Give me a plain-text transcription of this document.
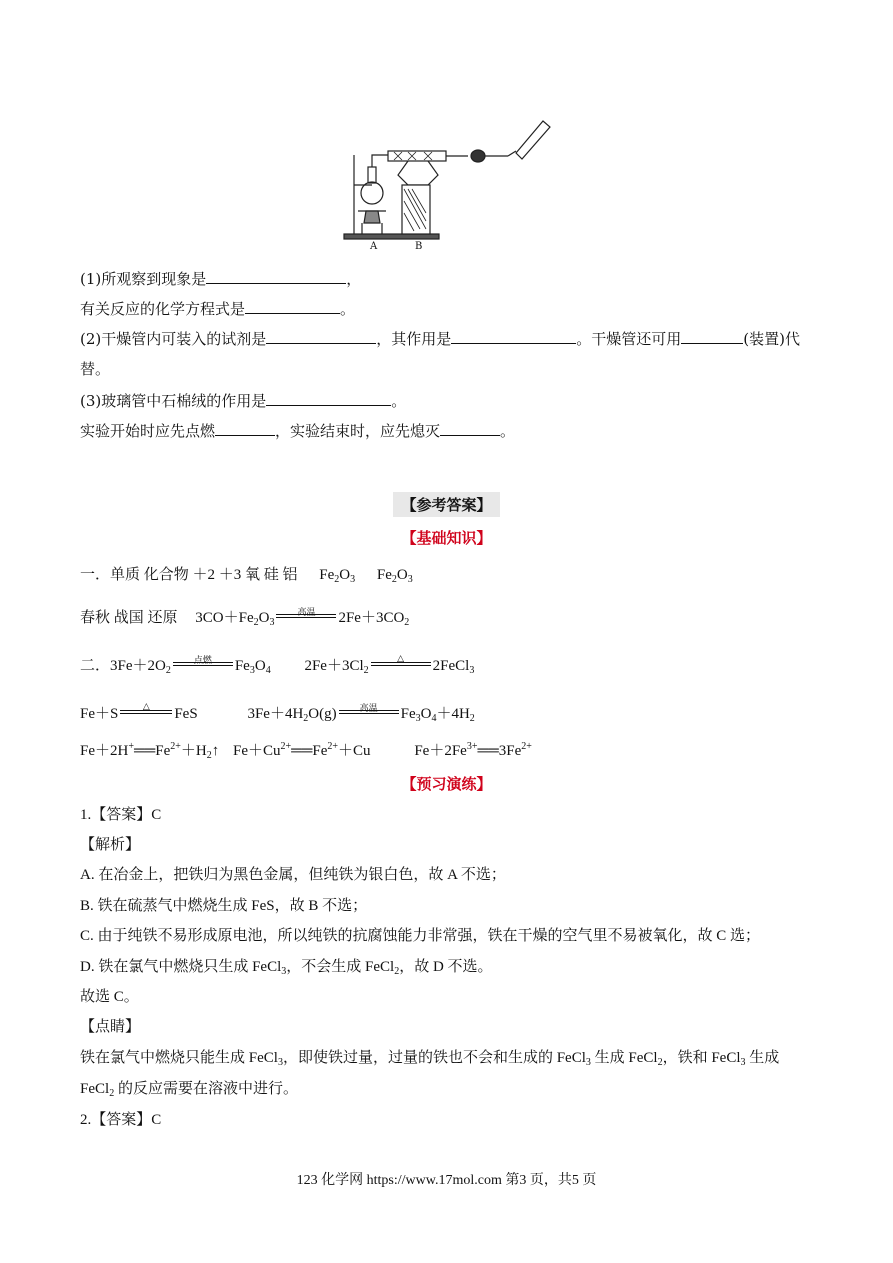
A	B
(1)所观察到现象是	，
有关反应的化学方程式是	。
(2)干燥管内可装入的试剂是	，其作用是	。干燥管还可用	(装置)代
替。
(3)玻璃管中石棉绒的作用是	。
实验开始时应先点燃	，实验结束时，应先熄灭	。
【参考答案】
【基础知识】
一．单质 化合物 ＋2 ＋3 氧 硅 铝 $Fe_2O_3$ $Fe_2O_3$
春秋 战国 还原 $3CO+Fe_2O_3$
高温	$2Fe+3CO_2$
二．$3Fe+2O_2$
点燃	$Fe_3O_4$ $2Fe+3Cl_2$
△	2FeCl$_3$
Fe＋S	△	FeS	$3Fe+4H_2O(g)$	高温	$Fe_3O_4+4H_2$
$Fe+2H^+══Fe^{2+}+H_2↑$ $Fe+Cu^{2+}══Fe^{2+}+Cu$	$Fe+2Fe^{3+}══3Fe^{2+}$
【预习演练】
1.【答案】C
【解析】
A. 在冶金上，把铁归为黑色金属，但纯铁为银白色，故 A 不选；
B. 铁在硫蒸气中燃烧生成 FeS，故 B 不选；
C. 由于纯铁不易形成原电池，所以纯铁的抗腐蚀能力非常强，铁在干燥的空气里不易被氧化，故 C 选；
D. 铁在氯气中燃烧只生成 FeCl$_3$，不会生成 FeCl$_2$，故 D 不选。
故选 C。
【点睛】
铁在氯气中燃烧只能生成 FeCl$_3$，即使铁过量，过量的铁也不会和生成的 FeCl$_3$ 生成 FeCl$_2$，铁和 FeCl$_3$ 生成
FeCl$_2$ 的反应需要在溶液中进行。
2.【答案】C
123 化学网 https://www.17mol.com 第3 页，共5 页
